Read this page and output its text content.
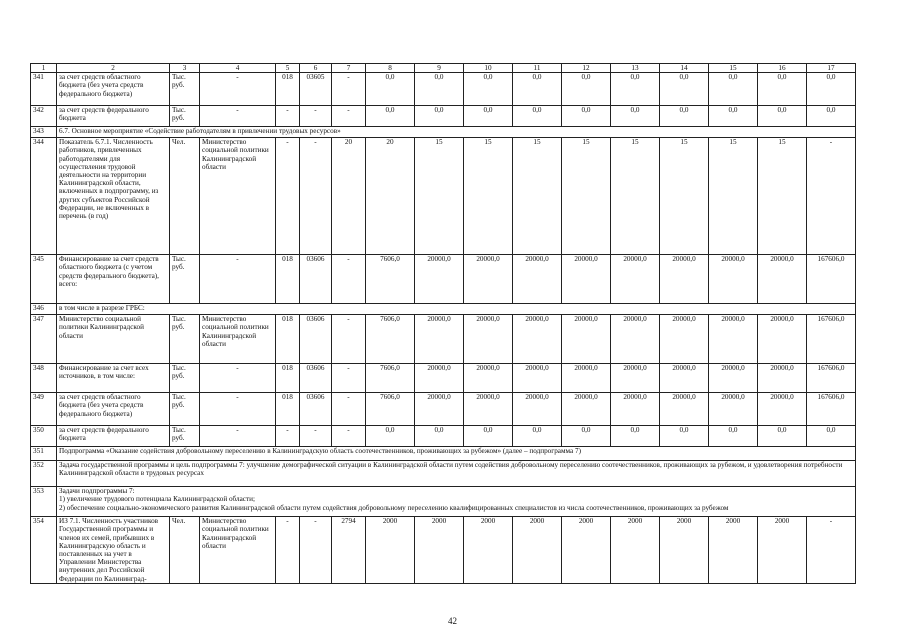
1	2	3	4	5	6	7	8	9	10	11	12	13	14	15	16	17
341	за счет средств областного бюджета (без учета средств федерального бюджета)	Тыс. руб.	-	018	03605	-	0,0	0,0	0,0	0,0	0,0	0,0	0,0	0,0	0,0	0,0
342	за счет средств федерального бюджета	Тыс. руб.	-	-	-	-	0,0	0,0	0,0	0,0	0,0	0,0	0,0	0,0	0,0	0,0
343	6.7. Основное мероприятие «Содействие работодателям в привлечении трудовых ресурсов»															
344	Показатель 6.7.1. Численность работников, привлеченных работодателями для осуществления трудовой деятельности на территории Калининградской области, включенных в подпрограмму, из других субъектов Российской Федерации, не включенных в перечень (в год)	Чел.	Министерство социальной политики Калининградской области	-	-	20	20	15	15	15	15	15	15	15	15	-
345	Финансирование за счет средств областного бюджета (с учетом средств федерального бюджета), всего:	Тыс. руб.	-	018	03606	-	7606,0	20000,0	20000,0	20000,0	20000,0	20000,0	20000,0	20000,0	20000,0	167606,0
346	в том числе в разрезе ГРБС:															
347	Министерство социальной политики Калининградской области	Тыс. руб.	Министерство социальной политики Калининградской области	018	03606	-	7606,0	20000,0	20000,0	20000,0	20000,0	20000,0	20000,0	20000,0	20000,0	167606,0
348	Финансирование за счет всех источников, в том числе:	Тыс. руб.	-	018	03606	-	7606,0	20000,0	20000,0	20000,0	20000,0	20000,0	20000,0	20000,0	20000,0	167606,0
349	за счет средств областного бюджета (без учета средств федерального бюджета)	Тыс. руб.	-	018	03606	-	7606,0	20000,0	20000,0	20000,0	20000,0	20000,0	20000,0	20000,0	20000,0	167606,0
350	за счет средств федерального бюджета	Тыс. руб.	-	-	-	-	0,0	0,0	0,0	0,0	0,0	0,0	0,0	0,0	0,0	0,0
351	Подпрограмма «Оказание содействия добровольному переселению в Калининградскую область соотечественников, проживающих за рубежом» (далее – подпрограмма 7)															
352	Задача государственной программы и цель подпрограммы 7: улучшение демографической ситуации в Калининградской области путем содействия добровольному переселению соотечественников, проживающих за рубежом, и удовлетворения потребности Калининградской области в трудовых ресурсах															
353	Задачи подпрограммы 7:
1) увеличение трудового потенциала Калининградской области;
2) обеспечение социально-экономического развития Калининградской области путем содействия добровольному переселению квалифицированных специалистов из числа соотечественников, проживающих за рубежом															
354	ИЗ 7.1. Численность участников Государственной программы и членов их семей, прибывших в Калининградскую область и поставленных на учет в Управлении Министерства внутренних дел Российской Федерации по Калининград-	Чел.	Министерство социальной политики Калининградской области	-	-	2794	2000	2000	2000	2000	2000	2000	2000	2000	2000	-
42
